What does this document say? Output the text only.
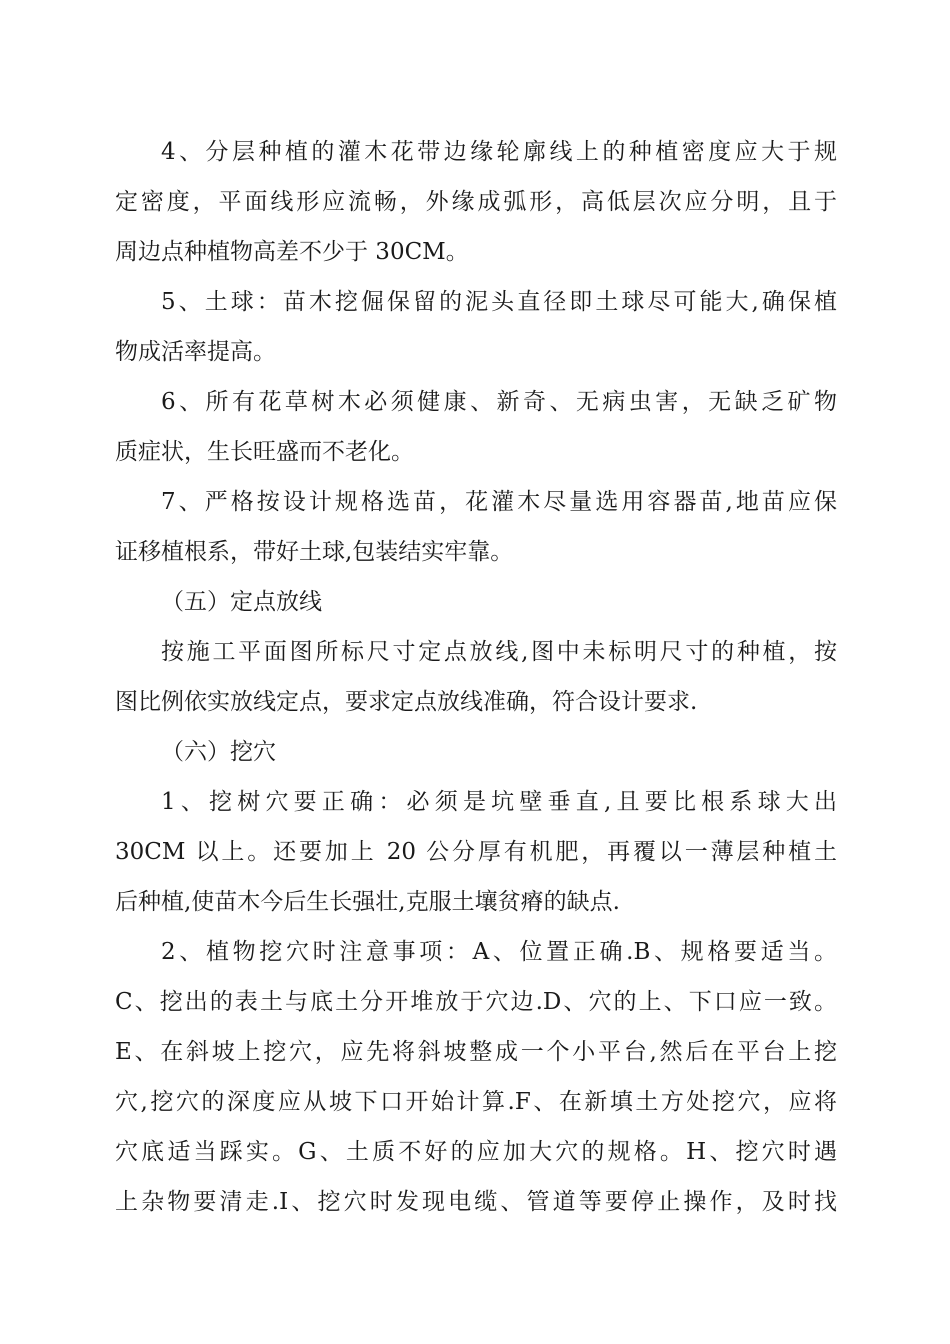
4、分层种植的灌木花带边缘轮廓线上的种植密度应大于规
定密度，平面线形应流畅，外缘成弧形，高低层次应分明，且于
周边点种植物高差不少于 30CM。
5、土球：苗木挖倔保留的泥头直径即土球尽可能大,确保植
物成活率提高。
6、所有花草树木必须健康、新奇、无病虫害，无缺乏矿物
质症状，生长旺盛而不老化。
7、严格按设计规格选苗，花灌木尽量选用容器苗,地苗应保
证移植根系，带好土球,包装结实牢靠。
（五）定点放线
按施工平面图所标尺寸定点放线,图中未标明尺寸的种植，按
图比例依实放线定点，要求定点放线准确，符合设计要求.
（六）挖穴
1、挖树穴要正确：必须是坑壁垂直,且要比根系球大出
30CM 以上。还要加上 20 公分厚有机肥，再覆以一薄层种植土
后种植,使苗木今后生长强壮,克服土壤贫瘠的缺点.
2、植物挖穴时注意事项：A、位置正确.B、规格要适当。
C、挖出的表土与底土分开堆放于穴边.D、穴的上、下口应一致。
E、在斜坡上挖穴，应先将斜坡整成一个小平台,然后在平台上挖
穴,挖穴的深度应从坡下口开始计算.F、在新填土方处挖穴，应将
穴底适当踩实。G、土质不好的应加大穴的规格。H、挖穴时遇
上杂物要清走.I、挖穴时发现电缆、管道等要停止操作，及时找
